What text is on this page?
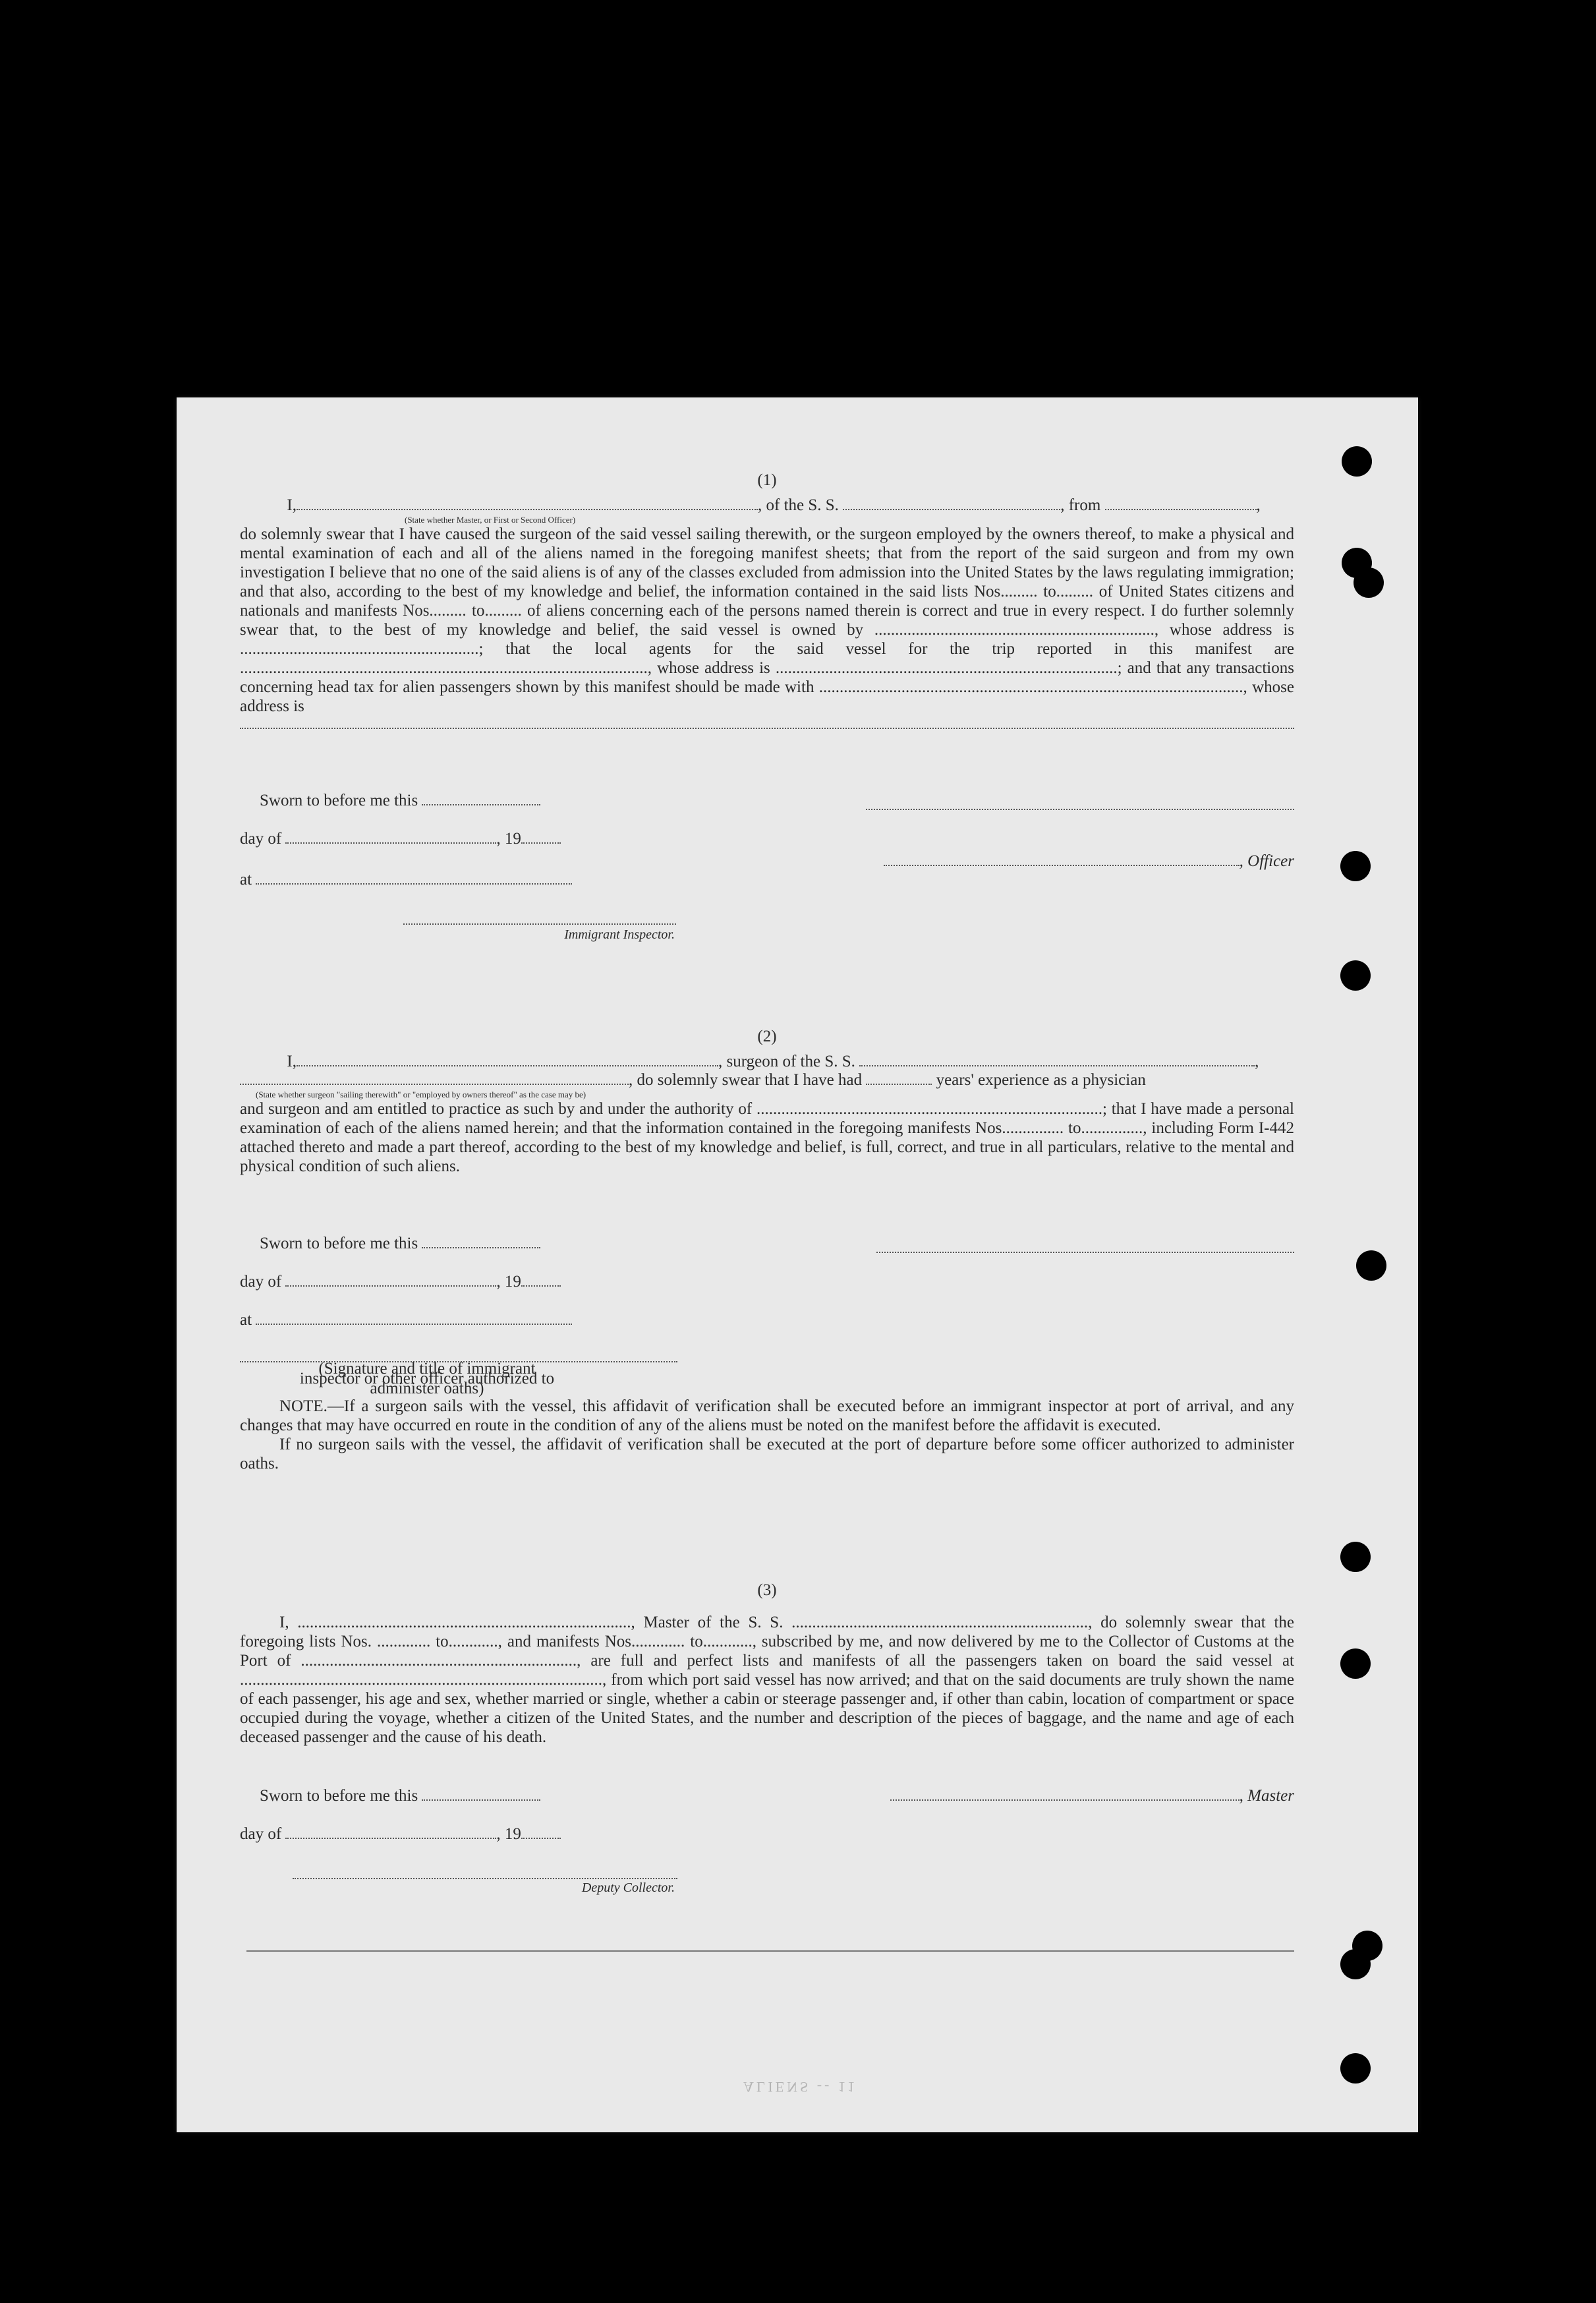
(1)
I,	, of the S. S.	, from	,
(State whether Master, or First or Second Officer)

do solemnly swear that I have caused the surgeon of the said vessel sailing therewith, or the surgeon employed by the owners thereof, to make a physical and mental examination of each and all of the aliens named in the foregoing manifest sheets; that from the report of the said surgeon and from my own investigation I believe that no one of the said aliens is of any of the classes excluded from admission into the United States by the laws regulating immigration; and that also, according to the best of my knowledge and belief, the information contained in the said lists Nos......... to......... of United States citizens and nationals and manifests Nos......... to......... of aliens concerning each of the persons named therein is correct and true in every respect. I do further solemnly swear that, to the best of my knowledge and belief, the said vessel is owned by ...................................................................., whose address is ..........................................................; that the local agents for the said vessel for the trip reported in this manifest are ..................................................................................................., whose address is ...................................................................................; and that any transactions concerning head tax for alien passengers shown by this manifest should be made with ......................................................................................................., whose address is

Sworn to before me this
day of	, 19
at
Immigrant Inspector.
, Officer
(2)
I,	, surgeon of the S. S.	,
, do solemnly swear that I have had	years' experience as a physician
(State whether surgeon "sailing therewith" or "employed by owners thereof" as the case may be)

and surgeon and am entitled to practice as such by and under the authority of ....................................................................................; that I have made a personal examination of each of the aliens named herein; and that the information contained in the foregoing manifests Nos............... to..............., including Form I-442 attached thereto and made a part thereof, according to the best of my knowledge and belief, is full, correct, and true in all particulars, relative to the mental and physical condition of such aliens.

Sworn to before me this
day of	, 19
at
(Signature and title of immigrant inspector or other officer authorized to administer oaths)

NOTE.—If a surgeon sails with the vessel, this affidavit of verification shall be executed before an immigrant inspector at port of arrival, and any changes that may have occurred en route in the condition of any of the aliens must be noted on the manifest before the affidavit is executed.

If no surgeon sails with the vessel, the affidavit of verification shall be executed at the port of departure before some officer authorized to administer oaths.

(3)

I, ................................................................................., Master of the S. S. ........................................................................, do solemnly swear that the foregoing lists Nos. ............. to............, and manifests Nos............. to............, subscribed by me, and now delivered by me to the Collector of Customs at the Port of ..................................................................., are full and perfect lists and manifests of all the passengers taken on board the said vessel at ........................................................................................, from which port said vessel has now arrived; and that on the said documents are truly shown the name of each passenger, his age and sex, whether married or single, whether a cabin or steerage passenger and, if other than cabin, location of compartment or space occupied during the voyage, whether a citizen of the United States, and the number and description of the pieces of baggage, and the name and age of each deceased passenger and the cause of his death.

Sworn to before me this	, Master
day of	, 19
Deputy Collector.
ALIENS -- 11
